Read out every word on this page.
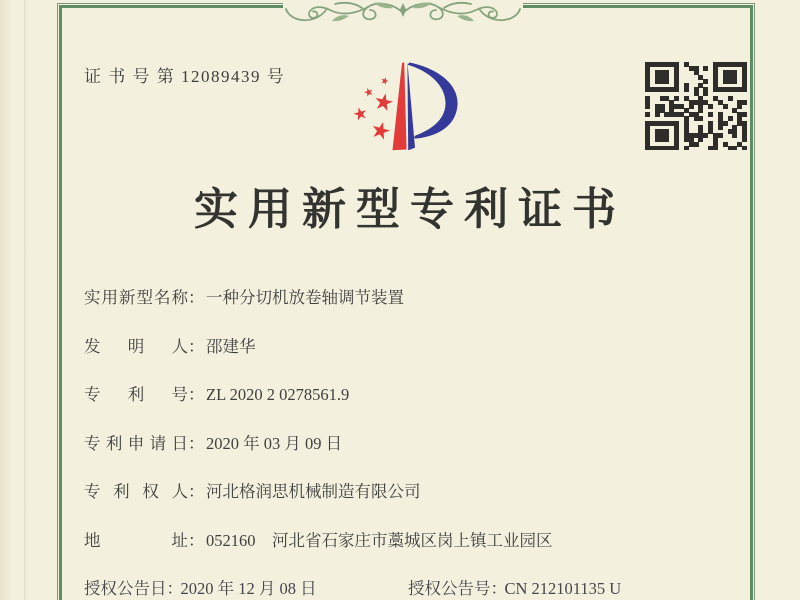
证 书 号 第 12089439 号
实用新型专利证书
实用新型名称：一种分切机放卷轴调节装置
发明人：邵建华
专利号：ZL 2020 2 0278561.9
专利申请日：2020 年 03 月 09 日
专利权人：河北格润思机械制造有限公司
地址：052160　河北省石家庄市藁城区岗上镇工业园区
授权公告日：2020 年 12 月 08 日	授权公告号：CN 212101135 U
